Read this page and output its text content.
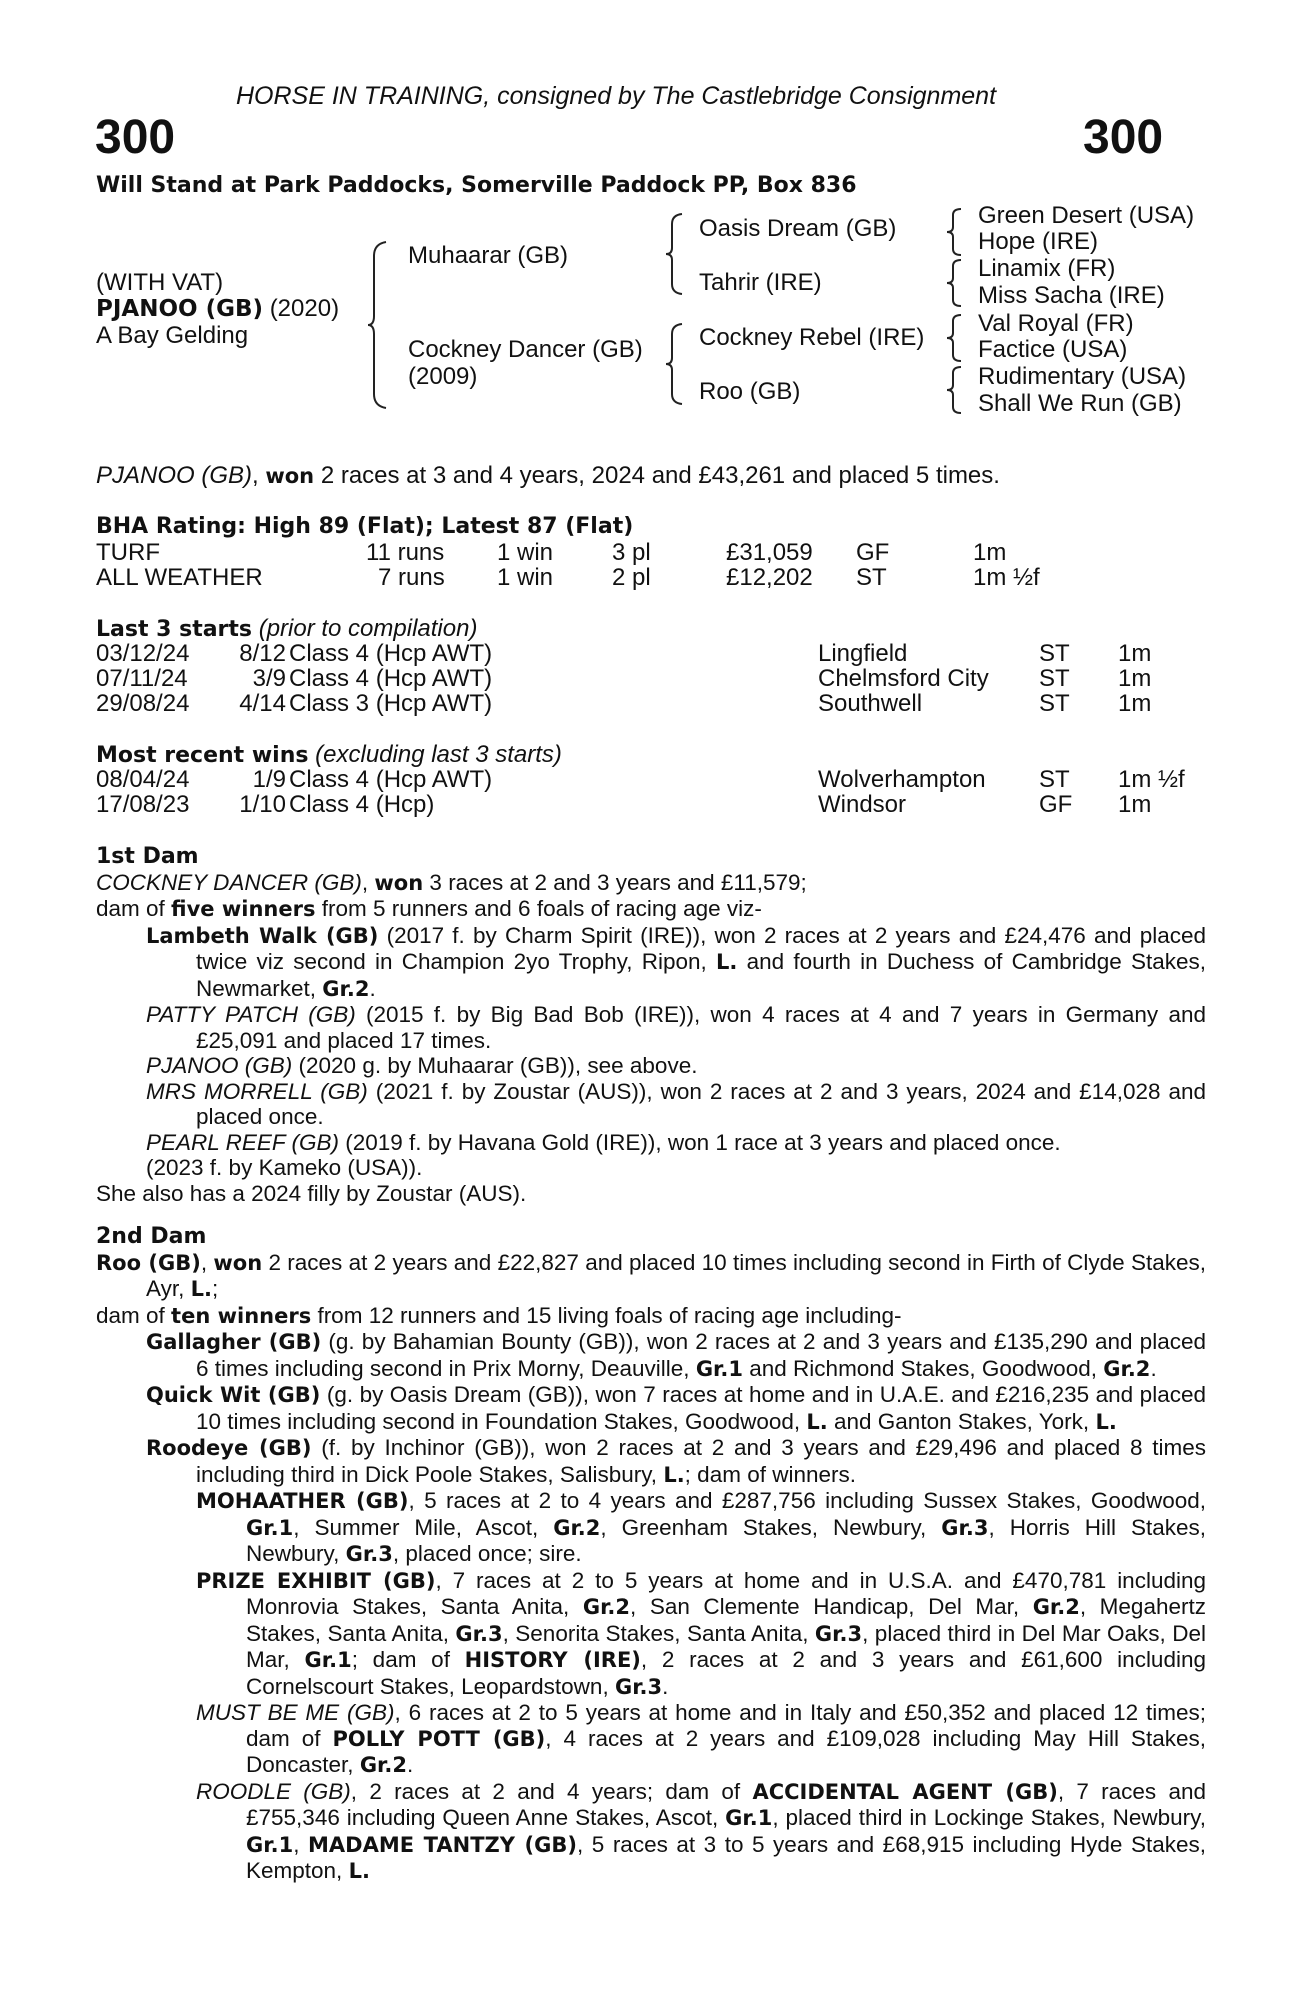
HORSE IN TRAINING, consigned by The Castlebridge Consignment
300	300
Will Stand at Park Paddocks, Somerville Paddock PP, Box 836
(WITH VAT)
PJANOO (GB) (2020)
A Bay Gelding
Muhaarar (GB)
Cockney Dancer (GB)
(2009)
Oasis Dream (GB)
Tahrir (IRE)
Cockney Rebel (IRE)
Roo (GB)
Green Desert (USA)
Hope (IRE)
Linamix (FR)
Miss Sacha (IRE)
Val Royal (FR)
Factice (USA)
Rudimentary (USA)
Shall We Run (GB)
PJANOO (GB), won 2 races at 3 and 4 years, 2024 and £43,261 and placed 5 times.
BHA Rating: High 89 (Flat); Latest 87 (Flat)
TURF	11 runs 1 win 3 pl	£31,059 GF	1m
ALL WEATHER	7 runs 1 win 2 pl	£12,202 ST	1m ½f
Last 3 starts (prior to compilation)
03/12/24	8/12 Class 4 (Hcp AWT)	Lingfield	ST 1m
07/11/24	3/9 Class 4 (Hcp AWT)	Chelmsford City ST 1m
29/08/24	4/14 Class 3 (Hcp AWT)	Southwell	ST 1m
Most recent wins (excluding last 3 starts)
08/04/24	1/9 Class 4 (Hcp AWT)	Wolverhampton ST 1m ½f
17/08/23	1/10 Class 4 (Hcp)	Windsor	GF 1m

1st Dam

COCKNEY DANCER (GB), won 3 races at 2 and 3 years and £11,579;

dam of five winners from 5 runners and 6 foals of racing age viz-

Lambeth Walk (GB) (2017 f. by Charm Spirit (IRE)), won 2 races at 2 years and £24,476 and placed twice viz second in Champion 2yo Trophy, Ripon, L. and fourth in Duchess of Cambridge Stakes, Newmarket, Gr.2.

PATTY PATCH (GB) (2015 f. by Big Bad Bob (IRE)), won 4 races at 4 and 7 years in Germany and £25,091 and placed 17 times.

PJANOO (GB) (2020 g. by Muhaarar (GB)), see above.

MRS MORRELL (GB) (2021 f. by Zoustar (AUS)), won 2 races at 2 and 3 years, 2024 and £14,028 and placed once.

PEARL REEF (GB) (2019 f. by Havana Gold (IRE)), won 1 race at 3 years and placed once.

(2023 f. by Kameko (USA)).

She also has a 2024 filly by Zoustar (AUS).

2nd Dam

Roo (GB), won 2 races at 2 years and £22,827 and placed 10 times including second in Firth of Clyde Stakes, Ayr, L.;

dam of ten winners from 12 runners and 15 living foals of racing age including-

Gallagher (GB) (g. by Bahamian Bounty (GB)), won 2 races at 2 and 3 years and £135,290 and placed 6 times including second in Prix Morny, Deauville, Gr.1 and Richmond Stakes, Goodwood, Gr.2.

Quick Wit (GB) (g. by Oasis Dream (GB)), won 7 races at home and in U.A.E. and £216,235 and placed 10 times including second in Foundation Stakes, Goodwood, L. and Ganton Stakes, York, L.

Roodeye (GB) (f. by Inchinor (GB)), won 2 races at 2 and 3 years and £29,496 and placed 8 times including third in Dick Poole Stakes, Salisbury, L.; dam of winners.

MOHAATHER (GB), 5 races at 2 to 4 years and £287,756 including Sussex Stakes, Goodwood, Gr.1, Summer Mile, Ascot, Gr.2, Greenham Stakes, Newbury, Gr.3, Horris Hill Stakes, Newbury, Gr.3, placed once; sire.

PRIZE EXHIBIT (GB), 7 races at 2 to 5 years at home and in U.S.A. and £470,781 including Monrovia Stakes, Santa Anita, Gr.2, San Clemente Handicap, Del Mar, Gr.2, Megahertz Stakes, Santa Anita, Gr.3, Senorita Stakes, Santa Anita, Gr.3, placed third in Del Mar Oaks, Del Mar, Gr.1; dam of HISTORY (IRE), 2 races at 2 and 3 years and £61,600 including Cornelscourt Stakes, Leopardstown, Gr.3.

MUST BE ME (GB), 6 races at 2 to 5 years at home and in Italy and £50,352 and placed 12 times; dam of POLLY POTT (GB), 4 races at 2 years and £109,028 including May Hill Stakes, Doncaster, Gr.2.

ROODLE (GB), 2 races at 2 and 4 years; dam of ACCIDENTAL AGENT (GB), 7 races and £755,346 including Queen Anne Stakes, Ascot, Gr.1, placed third in Lockinge Stakes, Newbury, Gr.1, MADAME TANTZY (GB), 5 races at 3 to 5 years and £68,915 including Hyde Stakes, Kempton, L.
